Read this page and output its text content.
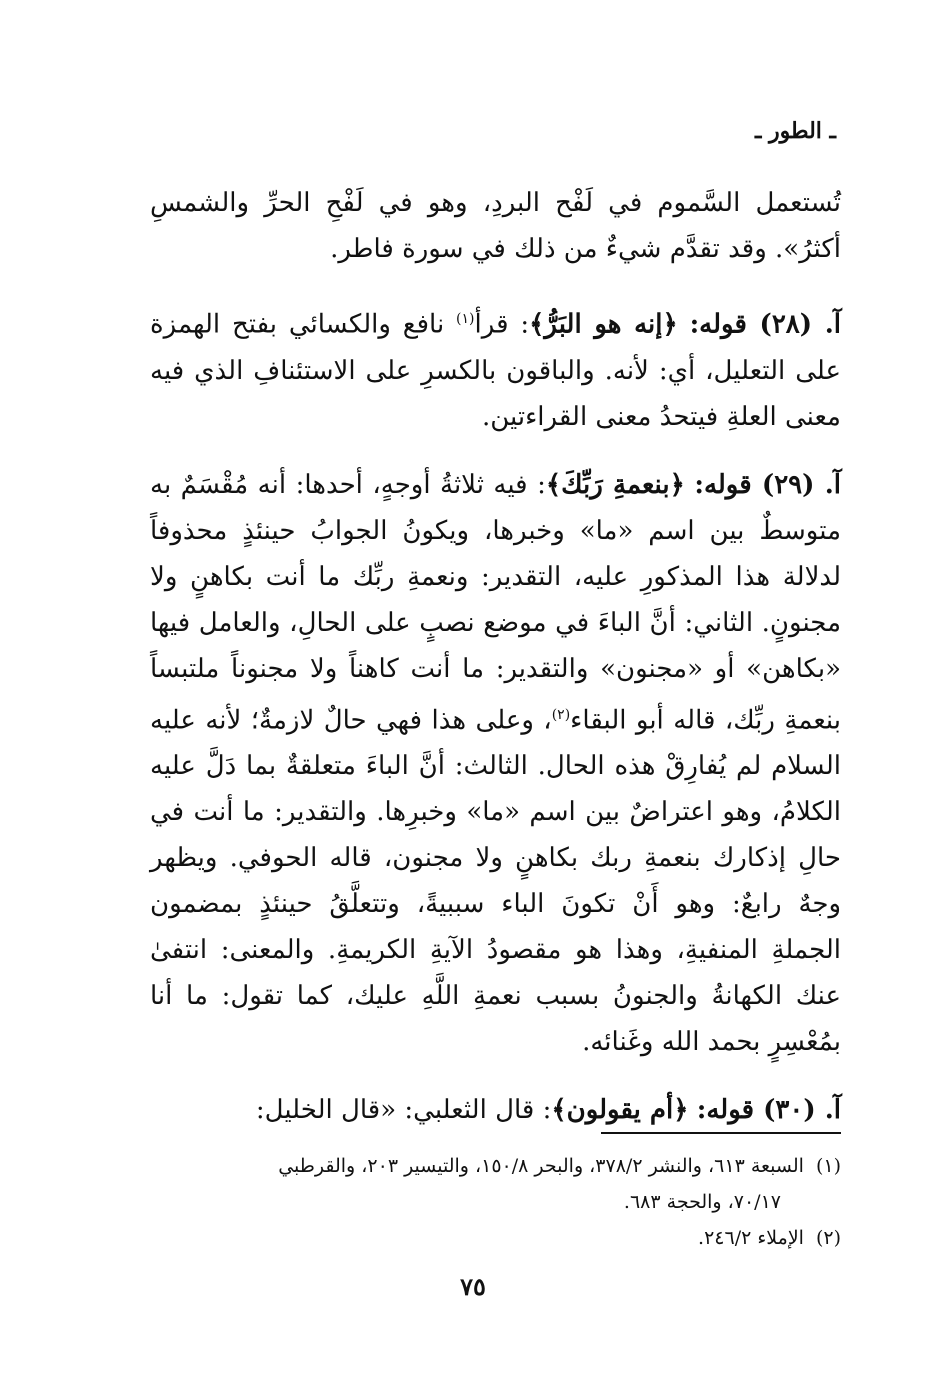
ـ الطور ـ

تُستعمل السَّموم في لَفْح البردِ، وهو في لَفْحِ الحرِّ والشمسِ أكثرُ». وقد تقدَّم شيءٌ من ذلك في سورة فاطر.

آ. (٢٨) قوله: ﴿إنه هو البَرُّ﴾: قرأ$^{(١)}$ نافع والكسائي بفتح الهمزة على التعليل، أي: لأنه. والباقون بالكسرِ على الاستئنافِ الذي فيه معنى العلةِ فيتحدُ معنى القراءتين.

آ. (٢٩) قوله: ﴿بنعمةِ رَبِّكَ﴾: فيه ثلاثةُ أوجهٍ، أحدها: أنه مُقْسَمٌ به متوسطٌ بين اسم «ما» وخبرها، ويكونُ الجوابُ حينئذٍ محذوفاً لدلالة هذا المذكورِ عليه، التقدير: ونعمةِ ربِّك ما أنت بكاهنٍ ولا مجنونٍ. الثاني: أنَّ الباءَ في موضع نصبٍ على الحالِ، والعامل فيها «بكاهن» أو «مجنون» والتقدير: ما أنت كاهناً ولا مجنوناً ملتبساً بنعمةِ ربِّك، قاله أبو البقاء$^{(٢)}$، وعلى هذا فهي حالٌ لازمةٌ؛ لأنه عليه السلام لم يُفارِقْ هذه الحال. الثالث: أنَّ الباءَ متعلقةٌ بما دَلَّ عليه الكلامُ، وهو اعتراضٌ بين اسم «ما» وخبرِها. والتقدير: ما أنت في حالِ إذكارك بنعمةِ ربك بكاهنٍ ولا مجنون، قاله الحوفي. ويظهر وجهٌ رابعٌ: وهو أَنْ تكونَ الباء سببيةً، وتتعلَّقُ حينئذٍ بمضمون الجملةِ المنفيةِ، وهذا هو مقصودُ الآيةِ الكريمةِ. والمعنى: انتفىٰ عنك الكهانةُ والجنونُ بسبب نعمةِ اللَّهِ عليك، كما تقول: ما أنا بمُعْسِرٍ بحمد الله وغَنائه.

آ. (٣٠) قوله: ﴿أم يقولون﴾: قال الثعلبي: «قال الخليل:

(١)السبعة ٦١٣، والنشر ٣٧٨/٢، والبحر ١٥٠/٨، والتيسير ٢٠٣، والقرطبي

٧٠/١٧، والحجة ٦٨٣.

(٢)الإملاء ٢٤٦/٢.

٧٥
